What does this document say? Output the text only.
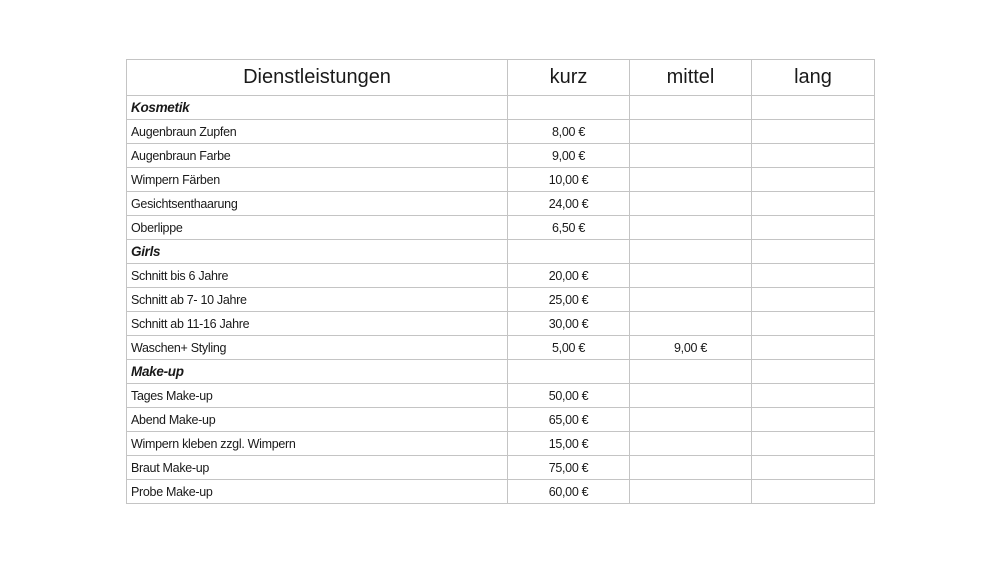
Dienstleistungen	kurz	mittel	lang
Kosmetik			
Augenbraun Zupfen	8,00 €		
Augenbraun Farbe	9,00 €		
Wimpern Färben	10,00 €		
Gesichtsenthaarung	24,00 €		
Oberlippe	6,50 €		
Girls			
Schnitt bis 6 Jahre	20,00 €		
Schnitt ab 7- 10 Jahre	25,00 €		
Schnitt ab 11-16 Jahre	30,00 €		
Waschen+ Styling	5,00 €	9,00 €	
Make-up			
Tages Make-up	50,00 €		
Abend Make-up	65,00 €		
Wimpern kleben zzgl. Wimpern	15,00 €		
Braut Make-up	75,00 €		
Probe Make-up	60,00 €		
